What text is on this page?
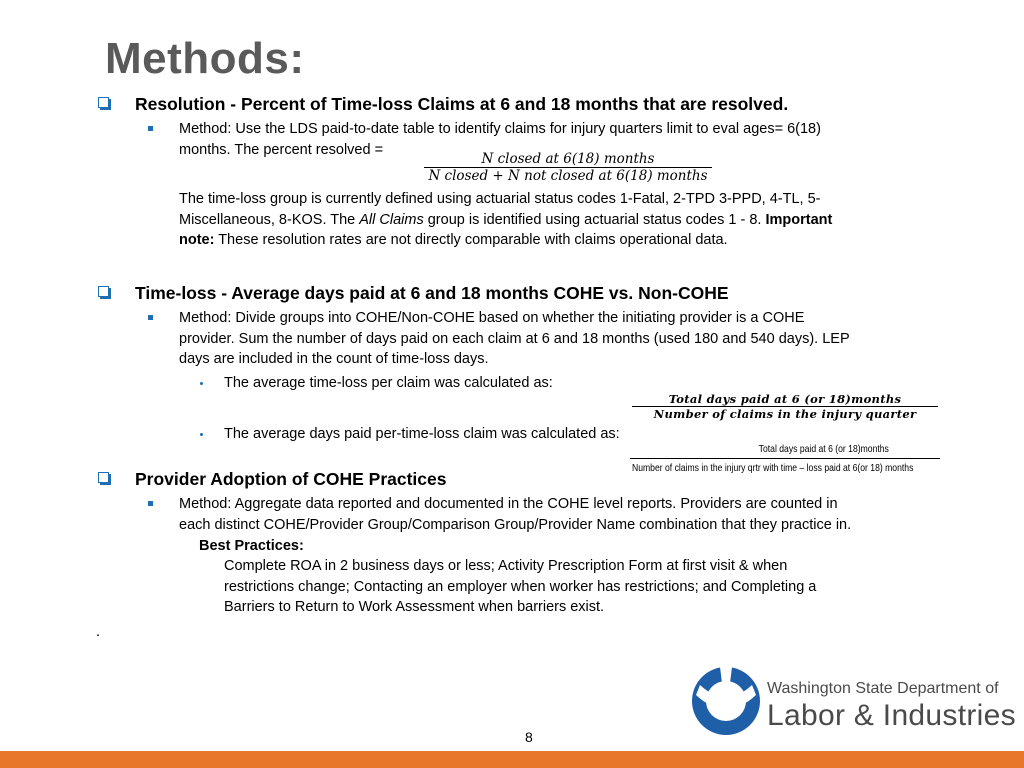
Methods:
Resolution - Percent of Time-loss Claims at 6 and 18 months that are resolved.
Method: Use the LDS paid-to-date table to identify claims for injury quarters limit to eval ages= 6(18)
months. The percent resolved =
N closed at 6(18) months
N closed + N not closed at 6(18) months
The time-loss group is currently defined using actuarial status codes 1-Fatal, 2-TPD 3-PPD, 4-TL, 5-
Miscellaneous, 8-KOS. The All Claims group is identified using actuarial status codes 1 - 8. Important
note: These resolution rates are not directly comparable with claims operational data.
Time-loss - Average days paid at 6 and 18 months COHE vs. Non-COHE
Method: Divide groups into COHE/Non-COHE based on whether the initiating provider is a COHE
provider. Sum the number of days paid on each claim at 6 and 18 months (used 180 and 540 days). LEP
days are included in the count of time-loss days.
The average time-loss per claim was calculated as:
Total days paid at 6 (or 18)months
Number of claims in the injury quarter
The average days paid per-time-loss claim was calculated as:
Total days paid at 6 (or 18)months
Number of claims in the injury qrtr with time – loss paid at 6(or 18) months
Provider Adoption of COHE Practices
Method: Aggregate data reported and documented in the COHE level reports. Providers are counted in
each distinct COHE/Provider Group/Comparison Group/Provider Name combination that they practice in.
Best Practices:
Complete ROA in 2 business days or less; Activity Prescription Form at first visit & when
restrictions change; Contacting an employer when worker has restrictions; and Completing a
Barriers to Return to Work Assessment when barriers exist.
.
Washington State Department of
Labor & Industries
8
